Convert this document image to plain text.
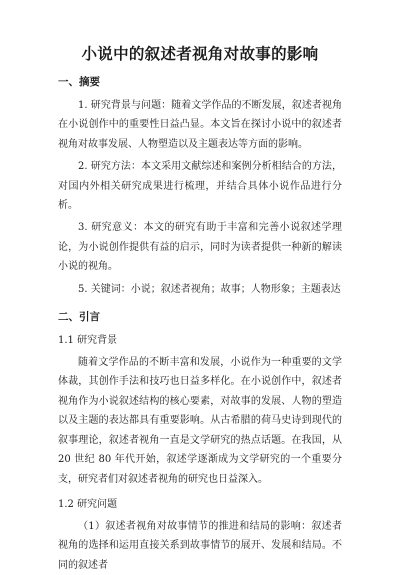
小说中的叙述者视角对故事的影响
一、摘要

1. 研究背景与问题：随着文学作品的不断发展，叙述者视角在小说创作中的重要性日益凸显。本文旨在探讨小说中的叙述者视角对故事发展、人物塑造以及主题表达等方面的影响。

2. 研究方法：本文采用文献综述和案例分析相结合的方法，对国内外相关研究成果进行梳理，并结合具体小说作品进行分析。

3. 研究意义：本文的研究有助于丰富和完善小说叙述学理论，为小说创作提供有益的启示，同时为读者提供一种新的解读小说的视角。

5. 关键词：小说；叙述者视角；故事；人物形象；主题表达

二、引言
1.1 研究背景

随着文学作品的不断丰富和发展，小说作为一种重要的文学体裁，其创作手法和技巧也日益多样化。在小说创作中，叙述者视角作为小说叙述结构的核心要素，对故事的发展、人物的塑造以及主题的表达都具有重要影响。从古希腊的荷马史诗到现代的叙事理论，叙述者视角一直是文学研究的热点话题。在我国，从 20 世纪 80 年代开始，叙述学逐渐成为文学研究的一个重要分支，研究者们对叙述者视角的研究也日益深入。

1.2 研究问题

（1）叙述者视角对故事情节的推进和结局的影响：叙述者视角的选择和运用直接关系到故事情节的展开、发展和结局。不同的叙述者
